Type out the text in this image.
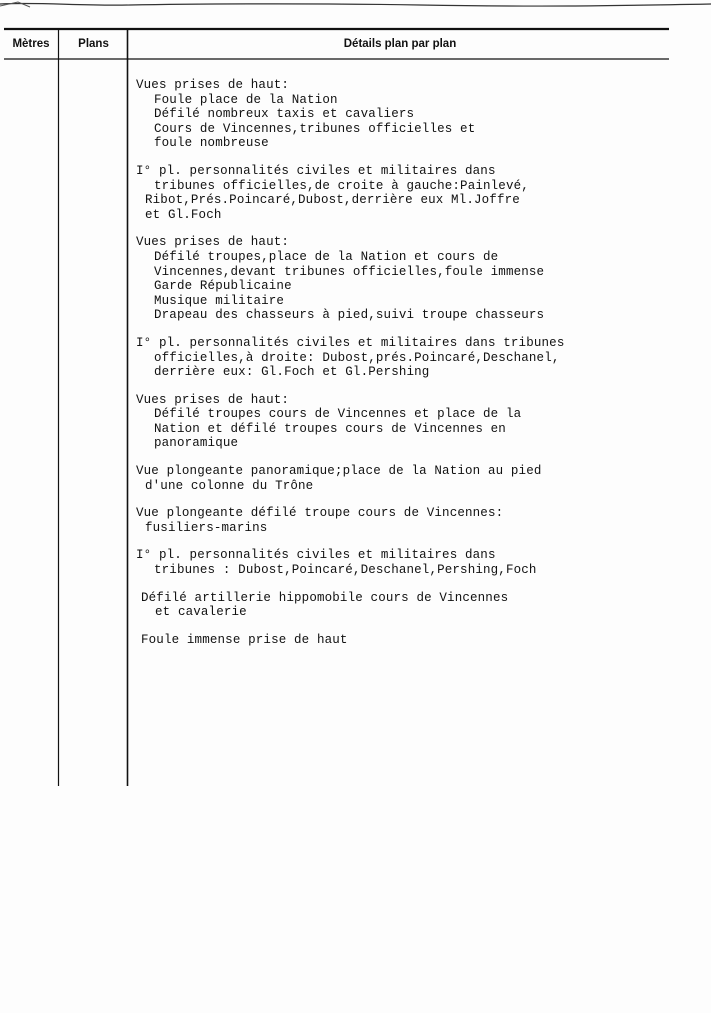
Mètres	Plans	Détails plan par plan
Vues prises de haut:
Foule place de la Nation
Défilé nombreux taxis et cavaliers
Cours de Vincennes,tribunes officielles et
foule nombreuse
I° pl. personnalités civiles et militaires dans
tribunes officielles,de croite à gauche:Painlevé,
Ribot,Prés.Poincaré,Dubost,derrière eux Ml.Joffre
et Gl.Foch
Vues prises de haut:
Défilé troupes,place de la Nation et cours de
Vincennes,devant tribunes officielles,foule immense
Garde Républicaine
Musique militaire
Drapeau des chasseurs à pied,suivi troupe chasseurs
I° pl. personnalités civiles et militaires dans tribunes
officielles,à droite: Dubost,prés.Poincaré,Deschanel,
derrière eux: Gl.Foch et Gl.Pershing
Vues prises de haut:
Défilé troupes cours de Vincennes et place de la
Nation et défilé troupes cours de Vincennes en
panoramique
Vue plongeante panoramique;place de la Nation au pied
d'une colonne du Trône
Vue plongeante défilé troupe cours de Vincennes:
fusiliers-marins
I° pl. personnalités civiles et militaires dans
tribunes : Dubost,Poincaré,Deschanel,Pershing,Foch
Défilé artillerie hippomobile cours de Vincennes
et cavalerie
Foule immense prise de haut
